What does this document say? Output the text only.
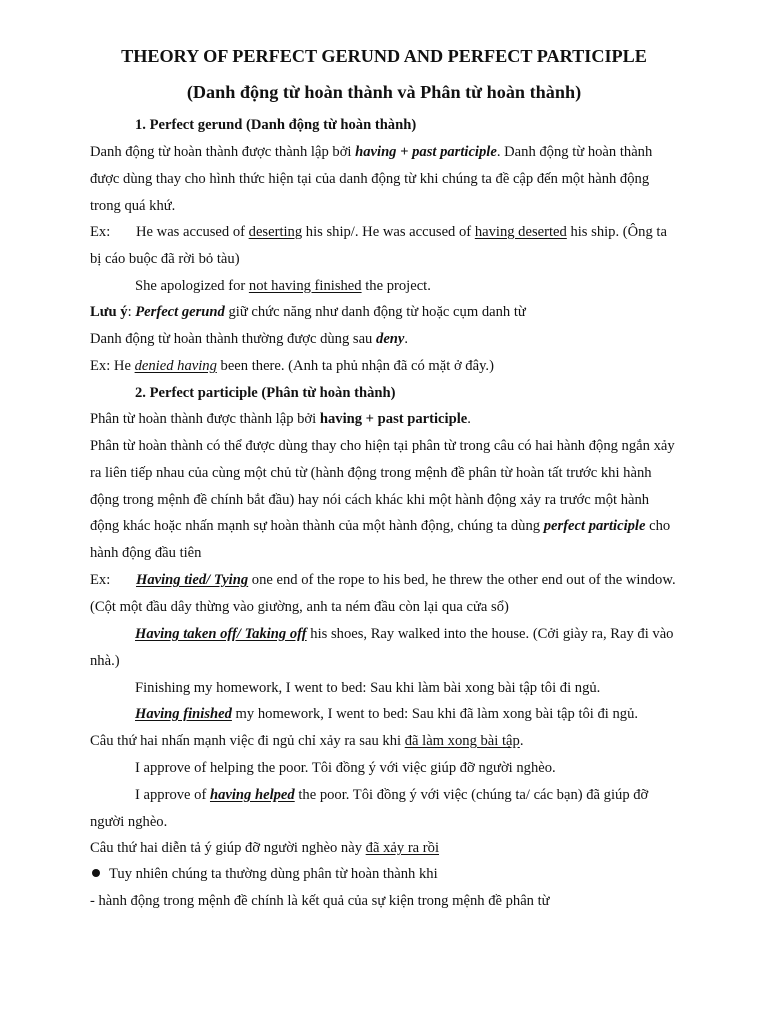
THEORY OF PERFECT GERUND AND PERFECT PARTICIPLE
(Danh động từ hoàn thành và Phân từ hoàn thành)
1. Perfect gerund (Danh động từ hoàn thành)
Danh động từ hoàn thành được thành lập bởi having + past participle. Danh động từ hoàn thành
được dùng thay cho hình thức hiện tại của danh động từ khi chúng ta đề cập đến một hành động
trong quá khứ.
Ex: He was accused of deserting his ship/. He was accused of having deserted his ship. (Ông ta
bị cáo buộc đã rời bỏ tàu)
She apologized for not having finished the project.
Lưu ý: Perfect gerund giữ chức năng như danh động từ hoặc cụm danh từ
Danh động từ hoàn thành thường được dùng sau deny.
Ex: He denied having been there. (Anh ta phủ nhận đã có mặt ở đây.)
2. Perfect participle (Phân từ hoàn thành)
Phân từ hoàn thành được thành lập bởi having + past participle.
Phân từ hoàn thành có thể được dùng thay cho hiện tại phân từ trong câu có hai hành động ngắn xảy
ra liên tiếp nhau của cùng một chủ từ (hành động trong mệnh đề phân từ hoàn tất trước khi hành
động trong mệnh đề chính bắt đầu) hay nói cách khác khi một hành động xảy ra trước một hành
động khác hoặc nhấn mạnh sự hoàn thành của một hành động, chúng ta dùng perfect participle cho
hành động đầu tiên
Ex: Having tied/ Tying one end of the rope to his bed, he threw the other end out of the window.
(Cột một đầu dây thừng vào giường, anh ta ném đầu còn lại qua cửa sổ)
Having taken off/ Taking off his shoes, Ray walked into the house. (Cởi giày ra, Ray đi vào
nhà.)
Finishing my homework, I went to bed: Sau khi làm bài xong bài tập tôi đi ngủ.
Having finished my homework, I went to bed: Sau khi đã làm xong bài tập tôi đi ngủ.
Câu thứ hai nhấn mạnh việc đi ngủ chỉ xảy ra sau khi đã làm xong bài tập.
I approve of helping the poor. Tôi đồng ý với việc giúp đỡ người nghèo.
I approve of having helped the poor. Tôi đồng ý với việc (chúng ta/ các bạn) đã giúp đỡ
người nghèo.
Câu thứ hai diễn tả ý giúp đỡ người nghèo này đã xảy ra rồi
Tuy nhiên chúng ta thường dùng phân từ hoàn thành khi
- hành động trong mệnh đề chính là kết quả của sự kiện trong mệnh đề phân từ
